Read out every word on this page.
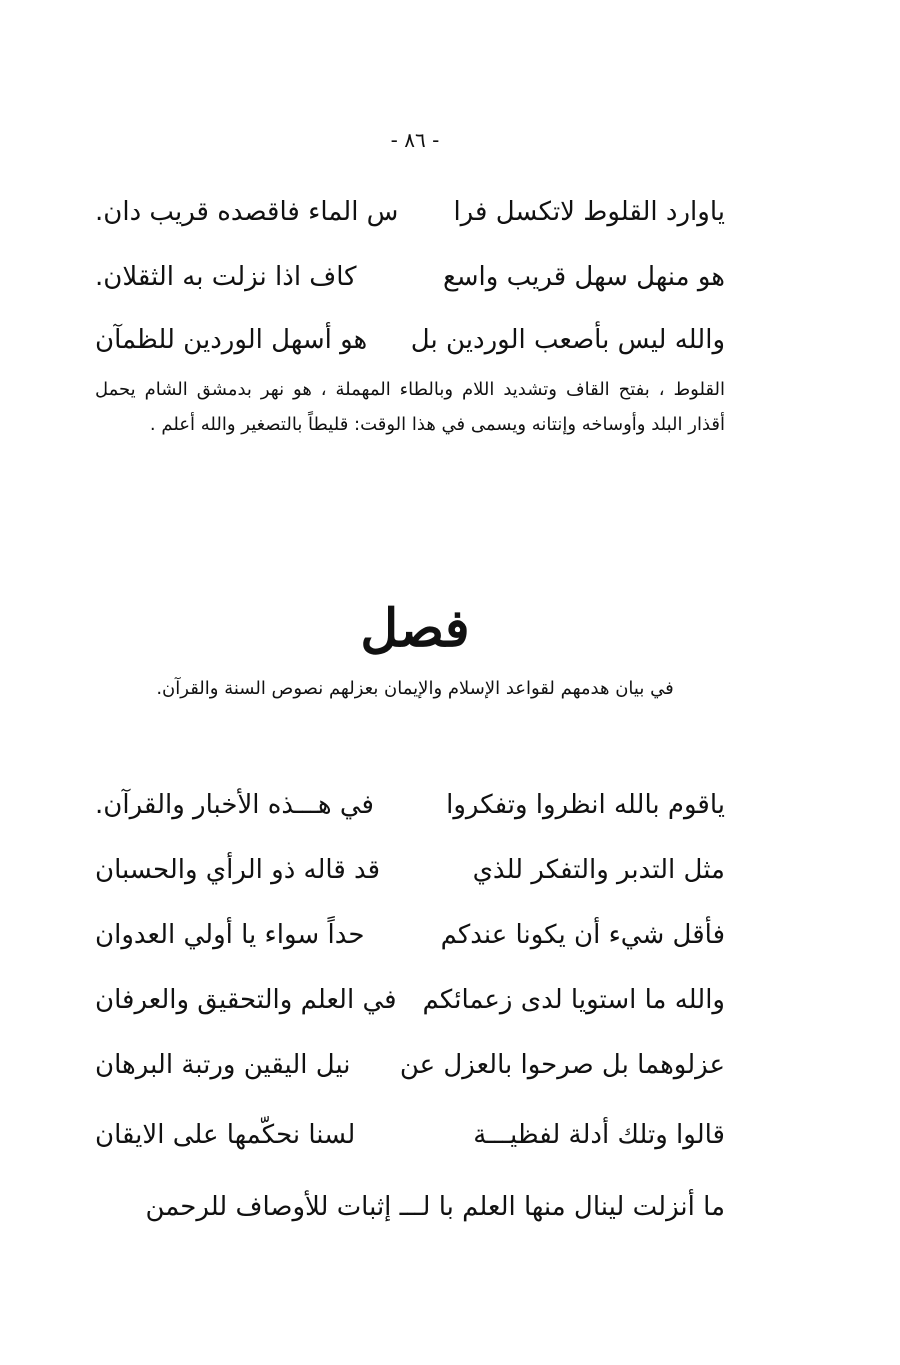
- ٨٦ -
ياوارد القلوط لاتكسل فرا
س الماء فاقصده قريب دان.
هو منهل سهل قريب واسع
كاف اذا نزلت به الثقلان.
والله ليس بأصعب الوردين بل
هو أسهل الوردين للظمآن

القلوط ، بفتح القاف وتشديد اللام وبالطاء المهملة ، هو نهر بدمشق الشام يحمل أقذار البلد وأوساخه وإنتانه ويسمى في هذا الوقت: قليطاً بالتصغير والله أعلم .

فصل
في بيان هدمهم لقواعد الإسلام والإيمان بعزلهم نصوص السنة والقرآن.
ياقوم بالله انظروا وتفكروا
في هـــذه الأخبار والقرآن.
مثل التدبر والتفكر للذي
قد قاله ذو الرأي والحسبان
فأقل شيء أن يكونا عندكم
حداً سواء يا أولي العدوان
والله ما استويا لدى زعمائكم
في العلم والتحقيق والعرفان
عزلوهما بل صرحوا بالعزل عن
نيل اليقين ورتبة البرهان
قالوا وتلك أدلة لفظيـــة
لسنا نحكّمها على الايقان
ما أنزلت لينال منها العلم با لـــ إثبات للأوصاف للرحمن
